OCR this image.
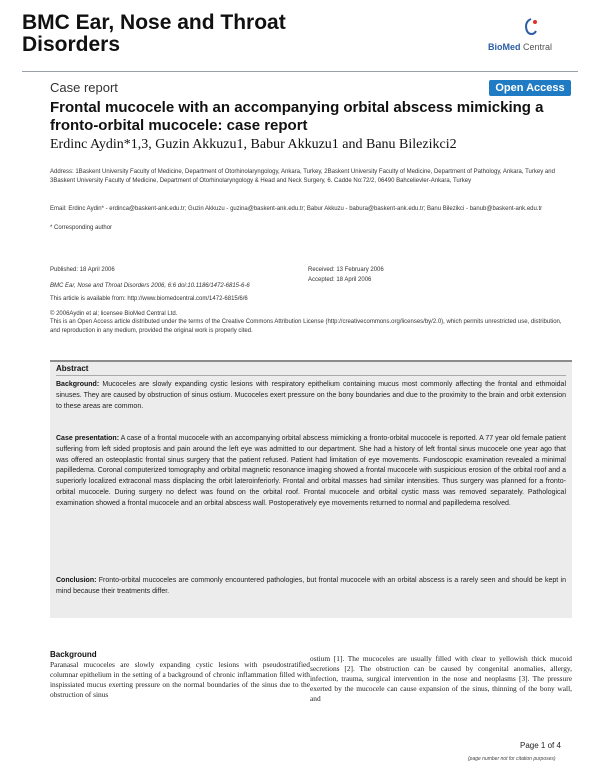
BMC Ear, Nose and Throat
Disorders	BioMed Central
Case report	Open Access
Frontal mucocele with an accompanying orbital abscess mimicking a fronto-orbital mucocele: case report
Erdinc Aydin*1,3, Guzin Akkuzu1, Babur Akkuzu1 and Banu Bilezikci2
Address: 1Baskent University Faculty of Medicine, Department of Otorhinolaryngology, Ankara, Turkey, 2Baskent University Faculty of Medicine, Department of Pathology, Ankara, Turkey and 3Baskent University Faculty of Medicine, Department of Otorhinolaryngology & Head and Neck Surgery, 6. Cadde No:72/2, 06490 Bahcelievler-Ankara, Turkey
Email: Erdinc Aydin* - erdinca@baskent-ank.edu.tr; Guzin Akkuzu - guzina@baskent-ank.edu.tr; Babur Akkuzu - babura@baskent-ank.edu.tr; Banu Bilezikci - banub@baskent-ank.edu.tr
* Corresponding author
Published: 18 April 2006
BMC Ear, Nose and Throat Disorders 2006, 6:6 doi:10.1186/1472-6815-6-6
This article is available from: http://www.biomedcentral.com/1472-6815/6/6
Received: 13 February 2006
Accepted: 18 April 2006
© 2006Aydin et al; licensee BioMed Central Ltd.
This is an Open Access article distributed under the terms of the Creative Commons Attribution License (http://creativecommons.org/licenses/by/2.0), which permits unrestricted use, distribution, and reproduction in any medium, provided the original work is properly cited.
Abstract
Background: Mucoceles are slowly expanding cystic lesions with respiratory epithelium containing mucus most commonly affecting the frontal and ethmoidal sinuses. They are caused by obstruction of sinus ostium. Mucoceles exert pressure on the bony boundaries and due to the proximity to the brain and orbit extension to these areas are common.
Case presentation: A case of a frontal mucocele with an accompanying orbital abscess mimicking a fronto-orbital mucocele is reported. A 77 year old female patient suffering from left sided proptosis and pain around the left eye was admitted to our department. She had a history of left frontal sinus mucocele one year ago that was offered an osteoplastic frontal sinus surgery that the patient refused. Patient had limitation of eye movements. Fundoscopic examination revealed a minimal papilledema. Coronal computerized tomography and orbital magnetic resonance imaging showed a frontal mucocele with suspicious erosion of the orbital roof and a superiorly localized extraconal mass displacing the orbit lateroinferiorly. Frontal and orbital masses had similar intensities. Thus surgery was planned for a fronto-orbital mucocele. During surgery no defect was found on the orbital roof. Frontal mucocele and orbital cystic mass was removed separately. Pathological examination showed a frontal mucocele and an orbital abscess wall. Postoperatively eye movements returned to normal and papilledema resolved.
Conclusion: Fronto-orbital mucoceles are commonly encountered pathologies, but frontal mucocele with an orbital abscess is a rarely seen and should be kept in mind because their treatments differ.
Background
Paranasal mucoceles are slowly expanding cystic lesions with pseudostratified columnar epithelium in the setting of a background of chronic inflammation filled with inspissiated mucus exerting pressure on the normal boundaries of the sinus due to the obstruction of sinus
ostium [1]. The mucoceles are usually filled with clear to yellowish thick mucoid secretions [2]. The obstruction can be caused by congenital anomalies, allergy, infection, trauma, surgical intervention in the nose and neoplasms [3]. The pressure exerted by the mucocele can cause expansion of the sinus, thinning of the bony wall, and
Page 1 of 4
(page number not for citation purposes)
